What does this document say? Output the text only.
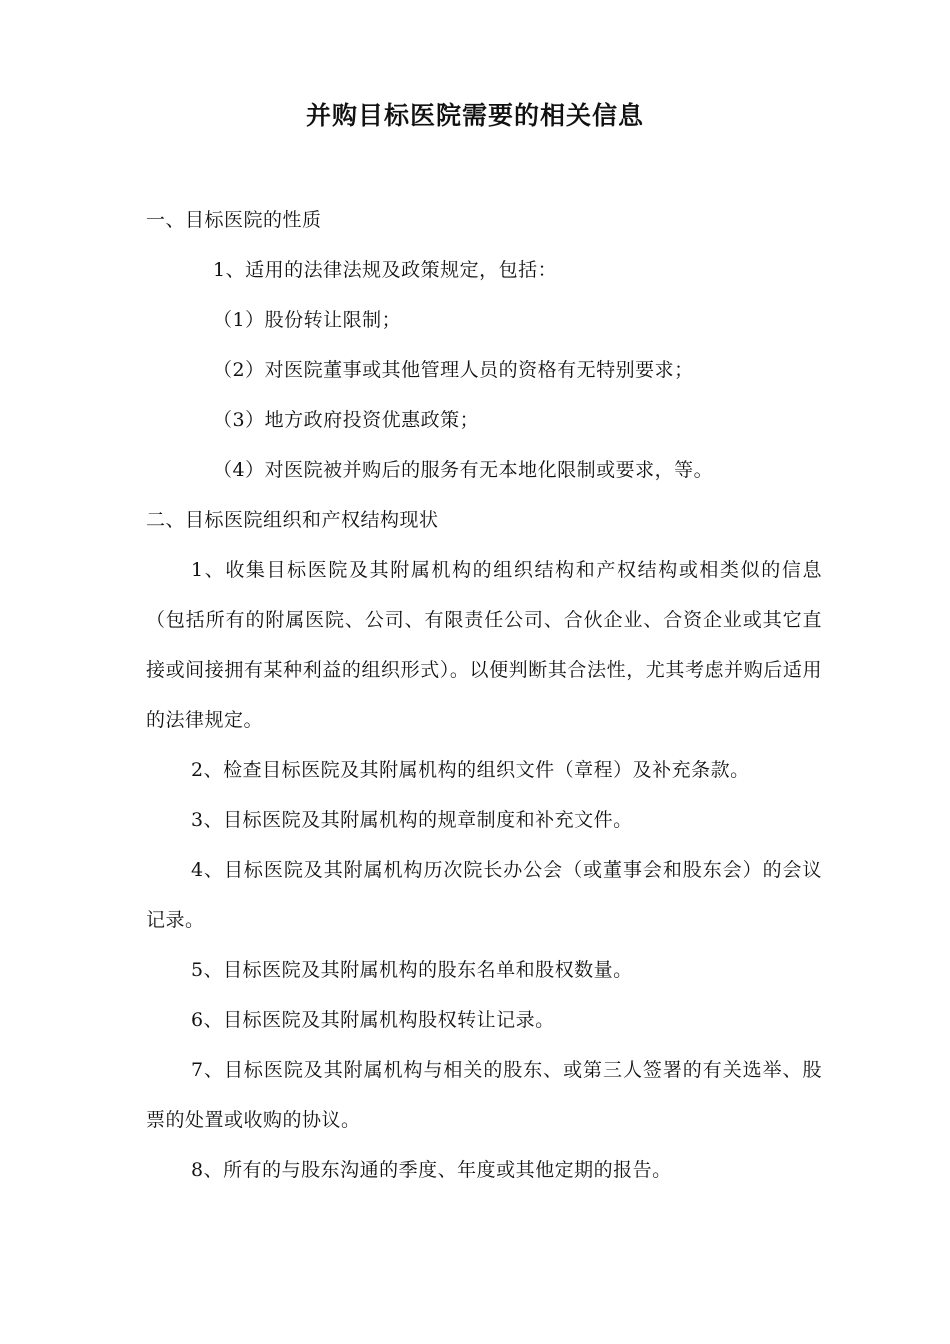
并购目标医院需要的相关信息
一、目标医院的性质
1、适用的法律法规及政策规定，包括：
（1）股份转让限制；
（2）对医院董事或其他管理人员的资格有无特别要求；
（3）地方政府投资优惠政策；
（4）对医院被并购后的服务有无本地化限制或要求，等。
二、目标医院组织和产权结构现状
1、收集目标医院及其附属机构的组织结构和产权结构或相类似的信息（包括所有的附属医院、公司、有限责任公司、合伙企业、合资企业或其它直接或间接拥有某种利益的组织形式）。以便判断其合法性，尤其考虑并购后适用的法律规定。
2、检查目标医院及其附属机构的组织文件（章程）及补充条款。
3、目标医院及其附属机构的规章制度和补充文件。
4、目标医院及其附属机构历次院长办公会（或董事会和股东会）的会议记录。
5、目标医院及其附属机构的股东名单和股权数量。
6、目标医院及其附属机构股权转让记录。
7、目标医院及其附属机构与相关的股东、或第三人签署的有关选举、股票的处置或收购的协议。
8、所有的与股东沟通的季度、年度或其他定期的报告。
